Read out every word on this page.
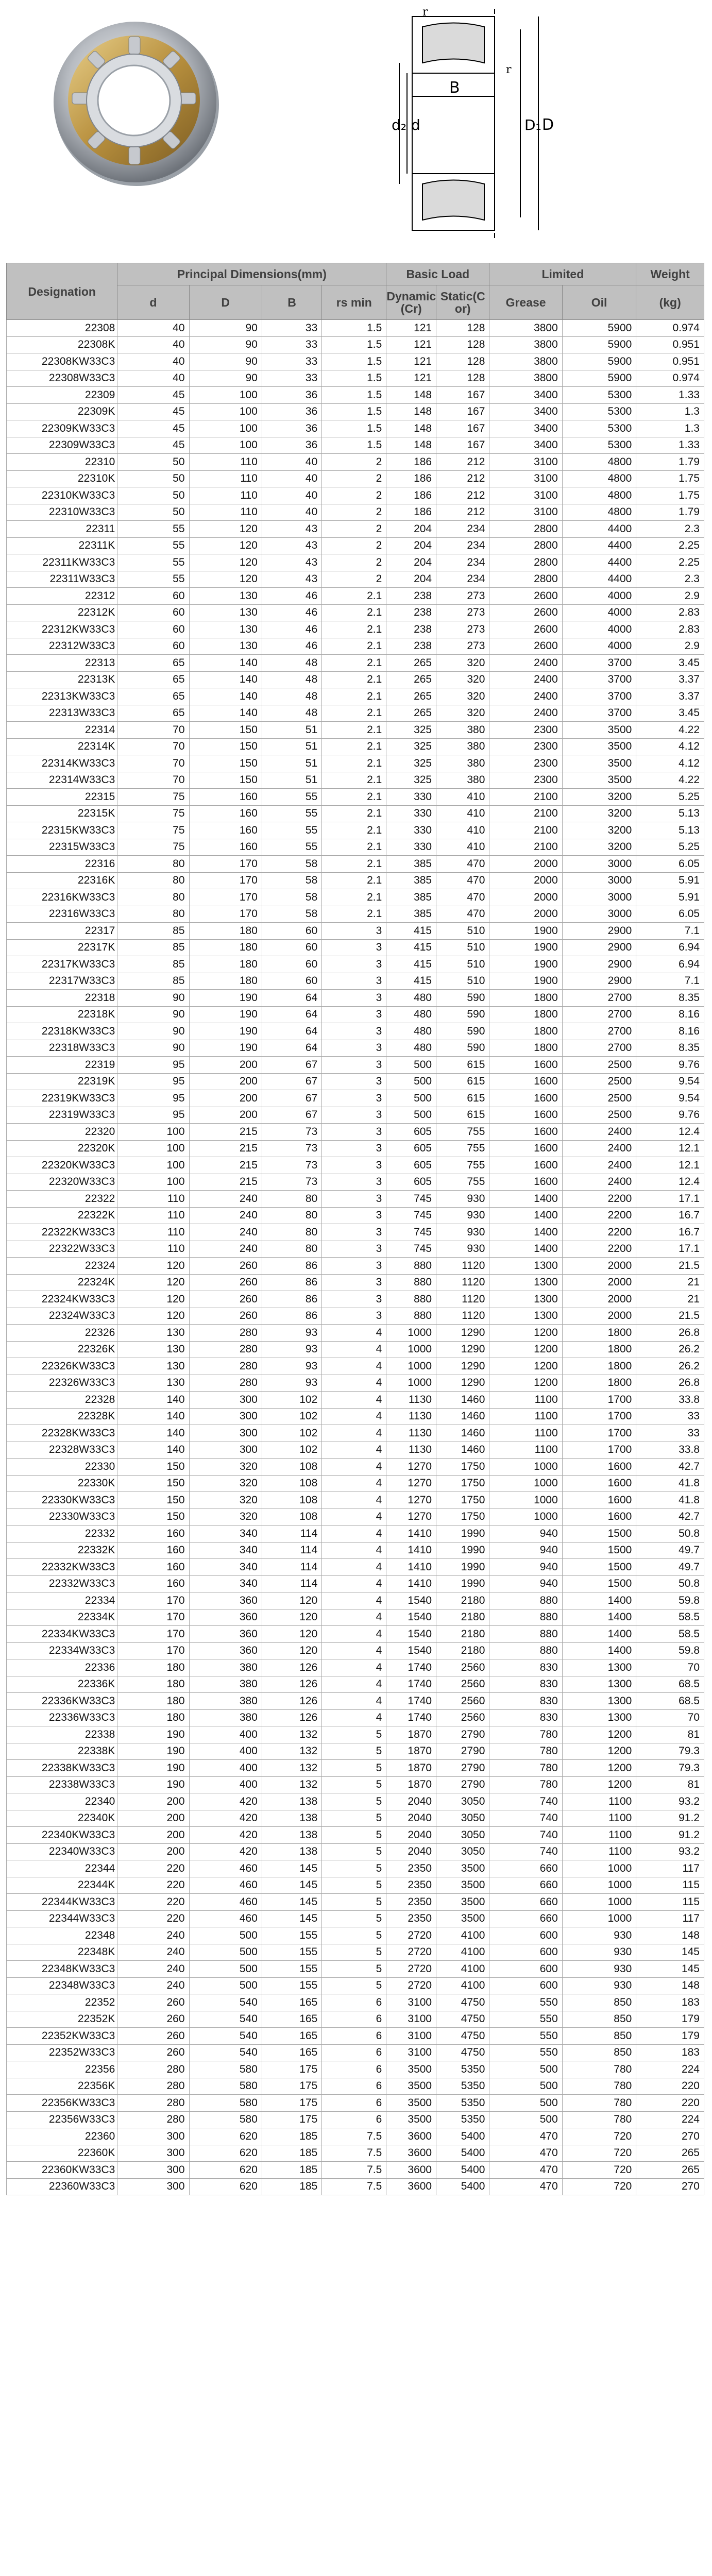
r
r
B
d₂ d	D₁ D
Designation	Principal Dimensions(mm)				Basic Load		Limited		Weight
	d	D	B	rs min	Dynamic (Cr)	Static(C or)	Grease	Oil	(kg)
22308	40	90	33	1.5	121	128	3800	5900	0.974
22308K	40	90	33	1.5	121	128	3800	5900	0.951
22308KW33C3	40	90	33	1.5	121	128	3800	5900	0.951
22308W33C3	40	90	33	1.5	121	128	3800	5900	0.974
22309	45	100	36	1.5	148	167	3400	5300	1.33
22309K	45	100	36	1.5	148	167	3400	5300	1.3
22309KW33C3	45	100	36	1.5	148	167	3400	5300	1.3
22309W33C3	45	100	36	1.5	148	167	3400	5300	1.33
22310	50	110	40	2	186	212	3100	4800	1.79
22310K	50	110	40	2	186	212	3100	4800	1.75
22310KW33C3	50	110	40	2	186	212	3100	4800	1.75
22310W33C3	50	110	40	2	186	212	3100	4800	1.79
22311	55	120	43	2	204	234	2800	4400	2.3
22311K	55	120	43	2	204	234	2800	4400	2.25
22311KW33C3	55	120	43	2	204	234	2800	4400	2.25
22311W33C3	55	120	43	2	204	234	2800	4400	2.3
22312	60	130	46	2.1	238	273	2600	4000	2.9
22312K	60	130	46	2.1	238	273	2600	4000	2.83
22312KW33C3	60	130	46	2.1	238	273	2600	4000	2.83
22312W33C3	60	130	46	2.1	238	273	2600	4000	2.9
22313	65	140	48	2.1	265	320	2400	3700	3.45
22313K	65	140	48	2.1	265	320	2400	3700	3.37
22313KW33C3	65	140	48	2.1	265	320	2400	3700	3.37
22313W33C3	65	140	48	2.1	265	320	2400	3700	3.45
22314	70	150	51	2.1	325	380	2300	3500	4.22
22314K	70	150	51	2.1	325	380	2300	3500	4.12
22314KW33C3	70	150	51	2.1	325	380	2300	3500	4.12
22314W33C3	70	150	51	2.1	325	380	2300	3500	4.22
22315	75	160	55	2.1	330	410	2100	3200	5.25
22315K	75	160	55	2.1	330	410	2100	3200	5.13
22315KW33C3	75	160	55	2.1	330	410	2100	3200	5.13
22315W33C3	75	160	55	2.1	330	410	2100	3200	5.25
22316	80	170	58	2.1	385	470	2000	3000	6.05
22316K	80	170	58	2.1	385	470	2000	3000	5.91
22316KW33C3	80	170	58	2.1	385	470	2000	3000	5.91
22316W33C3	80	170	58	2.1	385	470	2000	3000	6.05
22317	85	180	60	3	415	510	1900	2900	7.1
22317K	85	180	60	3	415	510	1900	2900	6.94
22317KW33C3	85	180	60	3	415	510	1900	2900	6.94
22317W33C3	85	180	60	3	415	510	1900	2900	7.1
22318	90	190	64	3	480	590	1800	2700	8.35
22318K	90	190	64	3	480	590	1800	2700	8.16
22318KW33C3	90	190	64	3	480	590	1800	2700	8.16
22318W33C3	90	190	64	3	480	590	1800	2700	8.35
22319	95	200	67	3	500	615	1600	2500	9.76
22319K	95	200	67	3	500	615	1600	2500	9.54
22319KW33C3	95	200	67	3	500	615	1600	2500	9.54
22319W33C3	95	200	67	3	500	615	1600	2500	9.76
22320	100	215	73	3	605	755	1600	2400	12.4
22320K	100	215	73	3	605	755	1600	2400	12.1
22320KW33C3	100	215	73	3	605	755	1600	2400	12.1
22320W33C3	100	215	73	3	605	755	1600	2400	12.4
22322	110	240	80	3	745	930	1400	2200	17.1
22322K	110	240	80	3	745	930	1400	2200	16.7
22322KW33C3	110	240	80	3	745	930	1400	2200	16.7
22322W33C3	110	240	80	3	745	930	1400	2200	17.1
22324	120	260	86	3	880	1120	1300	2000	21.5
22324K	120	260	86	3	880	1120	1300	2000	21
22324KW33C3	120	260	86	3	880	1120	1300	2000	21
22324W33C3	120	260	86	3	880	1120	1300	2000	21.5
22326	130	280	93	4	1000	1290	1200	1800	26.8
22326K	130	280	93	4	1000	1290	1200	1800	26.2
22326KW33C3	130	280	93	4	1000	1290	1200	1800	26.2
22326W33C3	130	280	93	4	1000	1290	1200	1800	26.8
22328	140	300	102	4	1130	1460	1100	1700	33.8
22328K	140	300	102	4	1130	1460	1100	1700	33
22328KW33C3	140	300	102	4	1130	1460	1100	1700	33
22328W33C3	140	300	102	4	1130	1460	1100	1700	33.8
22330	150	320	108	4	1270	1750	1000	1600	42.7
22330K	150	320	108	4	1270	1750	1000	1600	41.8
22330KW33C3	150	320	108	4	1270	1750	1000	1600	41.8
22330W33C3	150	320	108	4	1270	1750	1000	1600	42.7
22332	160	340	114	4	1410	1990	940	1500	50.8
22332K	160	340	114	4	1410	1990	940	1500	49.7
22332KW33C3	160	340	114	4	1410	1990	940	1500	49.7
22332W33C3	160	340	114	4	1410	1990	940	1500	50.8
22334	170	360	120	4	1540	2180	880	1400	59.8
22334K	170	360	120	4	1540	2180	880	1400	58.5
22334KW33C3	170	360	120	4	1540	2180	880	1400	58.5
22334W33C3	170	360	120	4	1540	2180	880	1400	59.8
22336	180	380	126	4	1740	2560	830	1300	70
22336K	180	380	126	4	1740	2560	830	1300	68.5
22336KW33C3	180	380	126	4	1740	2560	830	1300	68.5
22336W33C3	180	380	126	4	1740	2560	830	1300	70
22338	190	400	132	5	1870	2790	780	1200	81
22338K	190	400	132	5	1870	2790	780	1200	79.3
22338KW33C3	190	400	132	5	1870	2790	780	1200	79.3
22338W33C3	190	400	132	5	1870	2790	780	1200	81
22340	200	420	138	5	2040	3050	740	1100	93.2
22340K	200	420	138	5	2040	3050	740	1100	91.2
22340KW33C3	200	420	138	5	2040	3050	740	1100	91.2
22340W33C3	200	420	138	5	2040	3050	740	1100	93.2
22344	220	460	145	5	2350	3500	660	1000	117
22344K	220	460	145	5	2350	3500	660	1000	115
22344KW33C3	220	460	145	5	2350	3500	660	1000	115
22344W33C3	220	460	145	5	2350	3500	660	1000	117
22348	240	500	155	5	2720	4100	600	930	148
22348K	240	500	155	5	2720	4100	600	930	145
22348KW33C3	240	500	155	5	2720	4100	600	930	145
22348W33C3	240	500	155	5	2720	4100	600	930	148
22352	260	540	165	6	3100	4750	550	850	183
22352K	260	540	165	6	3100	4750	550	850	179
22352KW33C3	260	540	165	6	3100	4750	550	850	179
22352W33C3	260	540	165	6	3100	4750	550	850	183
22356	280	580	175	6	3500	5350	500	780	224
22356K	280	580	175	6	3500	5350	500	780	220
22356KW33C3	280	580	175	6	3500	5350	500	780	220
22356W33C3	280	580	175	6	3500	5350	500	780	224
22360	300	620	185	7.5	3600	5400	470	720	270
22360K	300	620	185	7.5	3600	5400	470	720	265
22360KW33C3	300	620	185	7.5	3600	5400	470	720	265
22360W33C3	300	620	185	7.5	3600	5400	470	720	270
